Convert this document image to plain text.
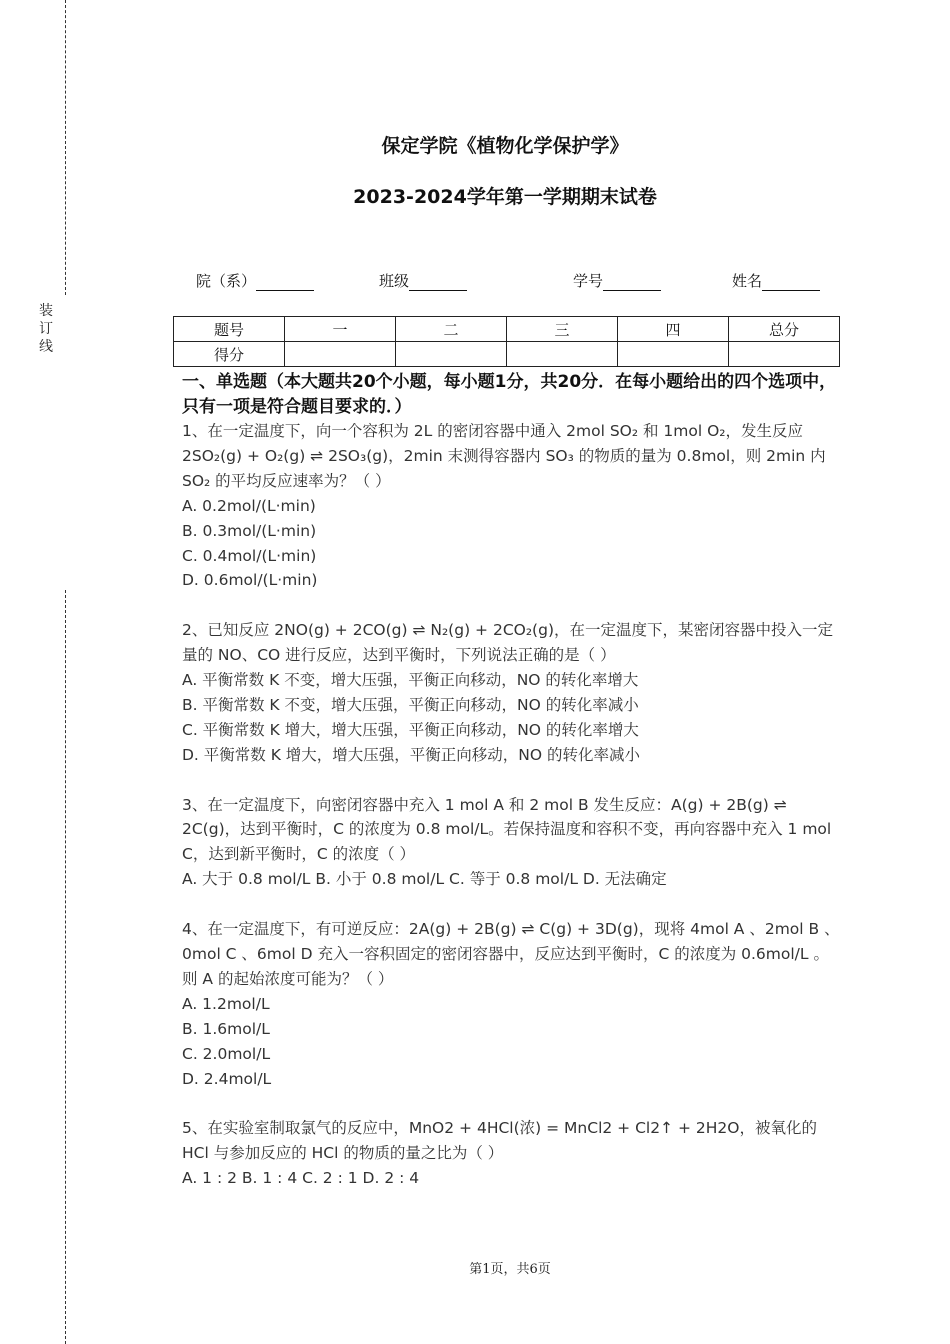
装
订
线
保定学院《植物化学保护学》
2023-2024学年第一学期期末试卷
院（系）	班级	学号	姓名
题号	一	二	三	四	总分
得分					
一、单选题（本大题共20个小题，每小题1分，共20分．在每小题给出的四个选项中，只有一项是符合题目要求的．）
1、在一定温度下，向一个容积为 2L 的密闭容器中通入 2mol SO₂ 和 1mol O₂，发生反应 2SO₂(g) + O₂(g) ⇌ 2SO₃(g)，2min 末测得容器内 SO₃ 的物质的量为 0.8mol，则 2min 内 SO₂ 的平均反应速率为？（ ）
A. 0.2mol/(L·min)
B. 0.3mol/(L·min)
C. 0.4mol/(L·min)
D. 0.6mol/(L·min)
2、已知反应 2NO(g) + 2CO(g) ⇌ N₂(g) + 2CO₂(g)，在一定温度下，某密闭容器中投入一定量的 NO、CO 进行反应，达到平衡时，下列说法正确的是（ ）
A. 平衡常数 K 不变，增大压强，平衡正向移动，NO 的转化率增大
B. 平衡常数 K 不变，增大压强，平衡正向移动，NO 的转化率减小
C. 平衡常数 K 增大，增大压强，平衡正向移动，NO 的转化率增大
D. 平衡常数 K 增大，增大压强，平衡正向移动，NO 的转化率减小
3、在一定温度下，向密闭容器中充入 1 mol A 和 2 mol B 发生反应：A(g) + 2B(g) ⇌ 2C(g)，达到平衡时，C 的浓度为 0.8 mol/L。若保持温度和容积不变，再向容器中充入 1 mol C，达到新平衡时，C 的浓度（ ）
A. 大于 0.8 mol/L B. 小于 0.8 mol/L C. 等于 0.8 mol/L D. 无法确定
4、在一定温度下，有可逆反应：2A(g) + 2B(g) ⇌ C(g) + 3D(g)，现将 4mol A 、2mol B 、0mol C 、6mol D 充入一容积固定的密闭容器中，反应达到平衡时，C 的浓度为 0.6mol/L 。则 A 的起始浓度可能为？（ ）
A. 1.2mol/L
B. 1.6mol/L
C. 2.0mol/L
D. 2.4mol/L
5、在实验室制取氯气的反应中，MnO2 + 4HCl(浓) = MnCl2 + Cl2↑ + 2H2O，被氧化的 HCl 与参加反应的 HCl 的物质的量之比为（ ）
A. 1 : 2 B. 1 : 4 C. 2 : 1 D. 2 : 4
第1页，共6页
